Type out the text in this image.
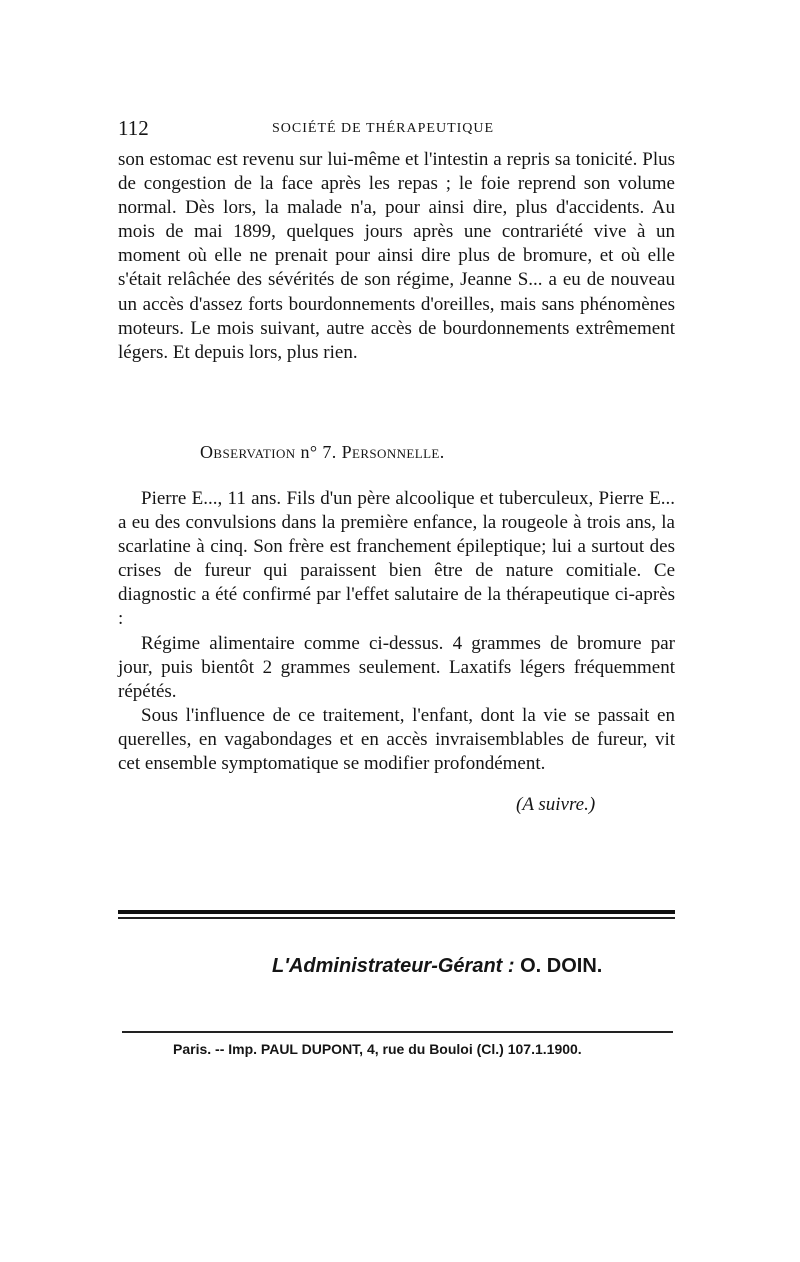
112	SOCIÉTÉ DE THÉRAPEUTIQUE

son estomac est revenu sur lui-même et l'intestin a repris sa tonicité. Plus de congestion de la face après les repas ; le foie reprend son volume normal. Dès lors, la malade n'a, pour ainsi dire, plus d'accidents. Au mois de mai 1899, quelques jours après une contrariété vive à un moment où elle ne prenait pour ainsi dire plus de bromure, et où elle s'était relâchée des sévérités de son régime, Jeanne S... a eu de nouveau un accès d'assez forts bourdonnements d'oreilles, mais sans phénomènes moteurs. Le mois suivant, autre accès de bourdonnements extrêmement légers. Et depuis lors, plus rien.

Observation n° 7. Personnelle.

Pierre E..., 11 ans. Fils d'un père alcoolique et tuberculeux, Pierre E... a eu des convulsions dans la première enfance, la rougeole à trois ans, la scarlatine à cinq. Son frère est franchement épileptique; lui a surtout des crises de fureur qui paraissent bien être de nature comitiale. Ce diagnostic a été confirmé par l'effet salutaire de la thérapeutique ci-après :

Régime alimentaire comme ci-dessus. 4 grammes de bromure par jour, puis bientôt 2 grammes seulement. Laxatifs légers fréquemment répétés.

Sous l'influence de ce traitement, l'enfant, dont la vie se passait en querelles, en vagabondages et en accès invraisemblables de fureur, vit cet ensemble symptomatique se modifier profondément.

(A suivre.)
L'Administrateur-Gérant : O. DOIN.
Paris. -- Imp. PAUL DUPONT, 4, rue du Bouloi (Cl.) 107.1.1900.
